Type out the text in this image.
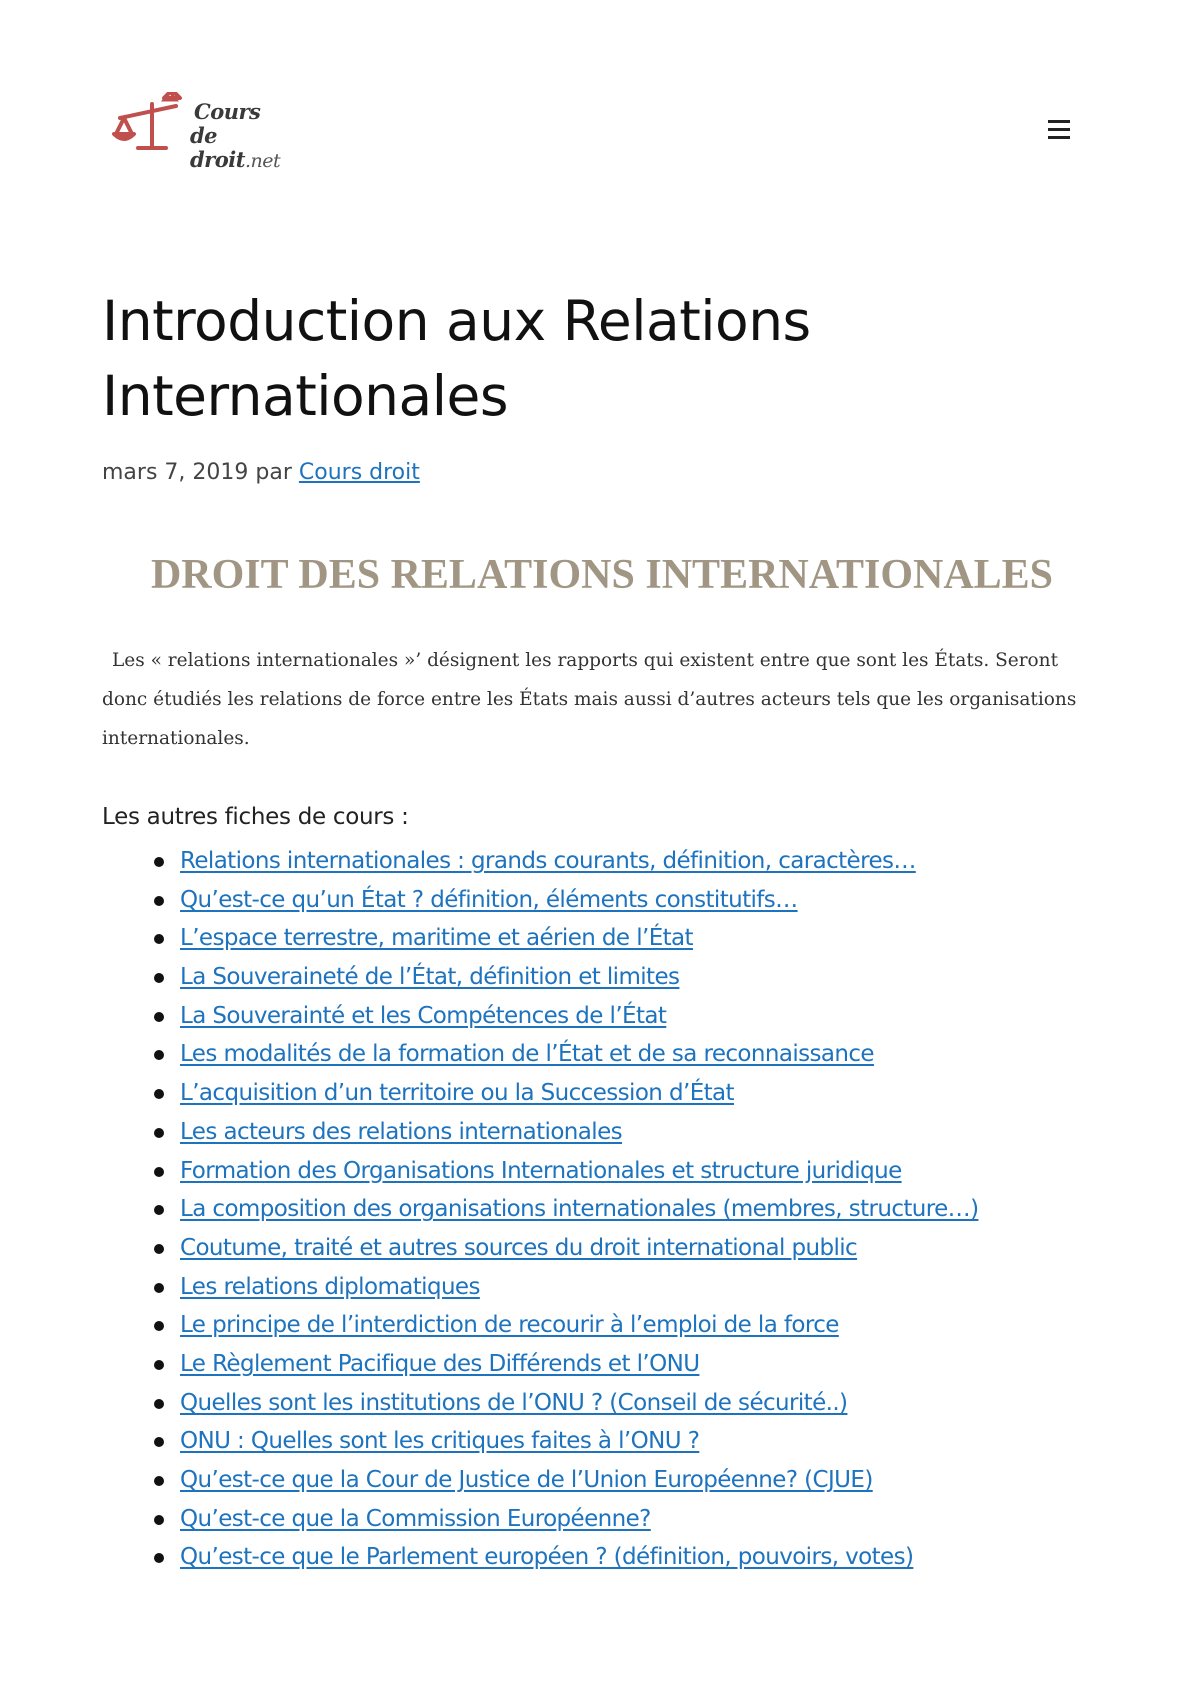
Cours
de droit.net
Introduction aux Relations Internationales
mars 7, 2019 par Cours droit
DROIT DES RELATIONS INTERNATIONALES
Les « relations internationales »’ désignent les rapports qui existent entre que sont les États. Seront donc étudiés les relations de force entre les États mais aussi d’autres acteurs tels que les organisations internationales.
Les autres fiches de cours :
Relations internationales : grands courants, définition, caractères…
Qu’est-ce qu’un État ? définition, éléments constitutifs…
L’espace terrestre, maritime et aérien de l’État
La Souveraineté de l’État, définition et limites
La Souverainté et les Compétences de l’État
Les modalités de la formation de l’État et de sa reconnaissance
L’acquisition d’un territoire ou la Succession d’État
Les acteurs des relations internationales
Formation des Organisations Internationales et structure juridique
La composition des organisations internationales (membres, structure…)
Coutume, traité et autres sources du droit international public
Les relations diplomatiques
Le principe de l’interdiction de recourir à l’emploi de la force
Le Règlement Pacifique des Différends et l’ONU
Quelles sont les institutions de l’ONU ? (Conseil de sécurité..)
ONU : Quelles sont les critiques faites à l’ONU ?
Qu’est-ce que la Cour de Justice de l’Union Européenne? (CJUE)
Qu’est-ce que la Commission Européenne?
Qu’est-ce que le Parlement européen ? (définition, pouvoirs, votes)
